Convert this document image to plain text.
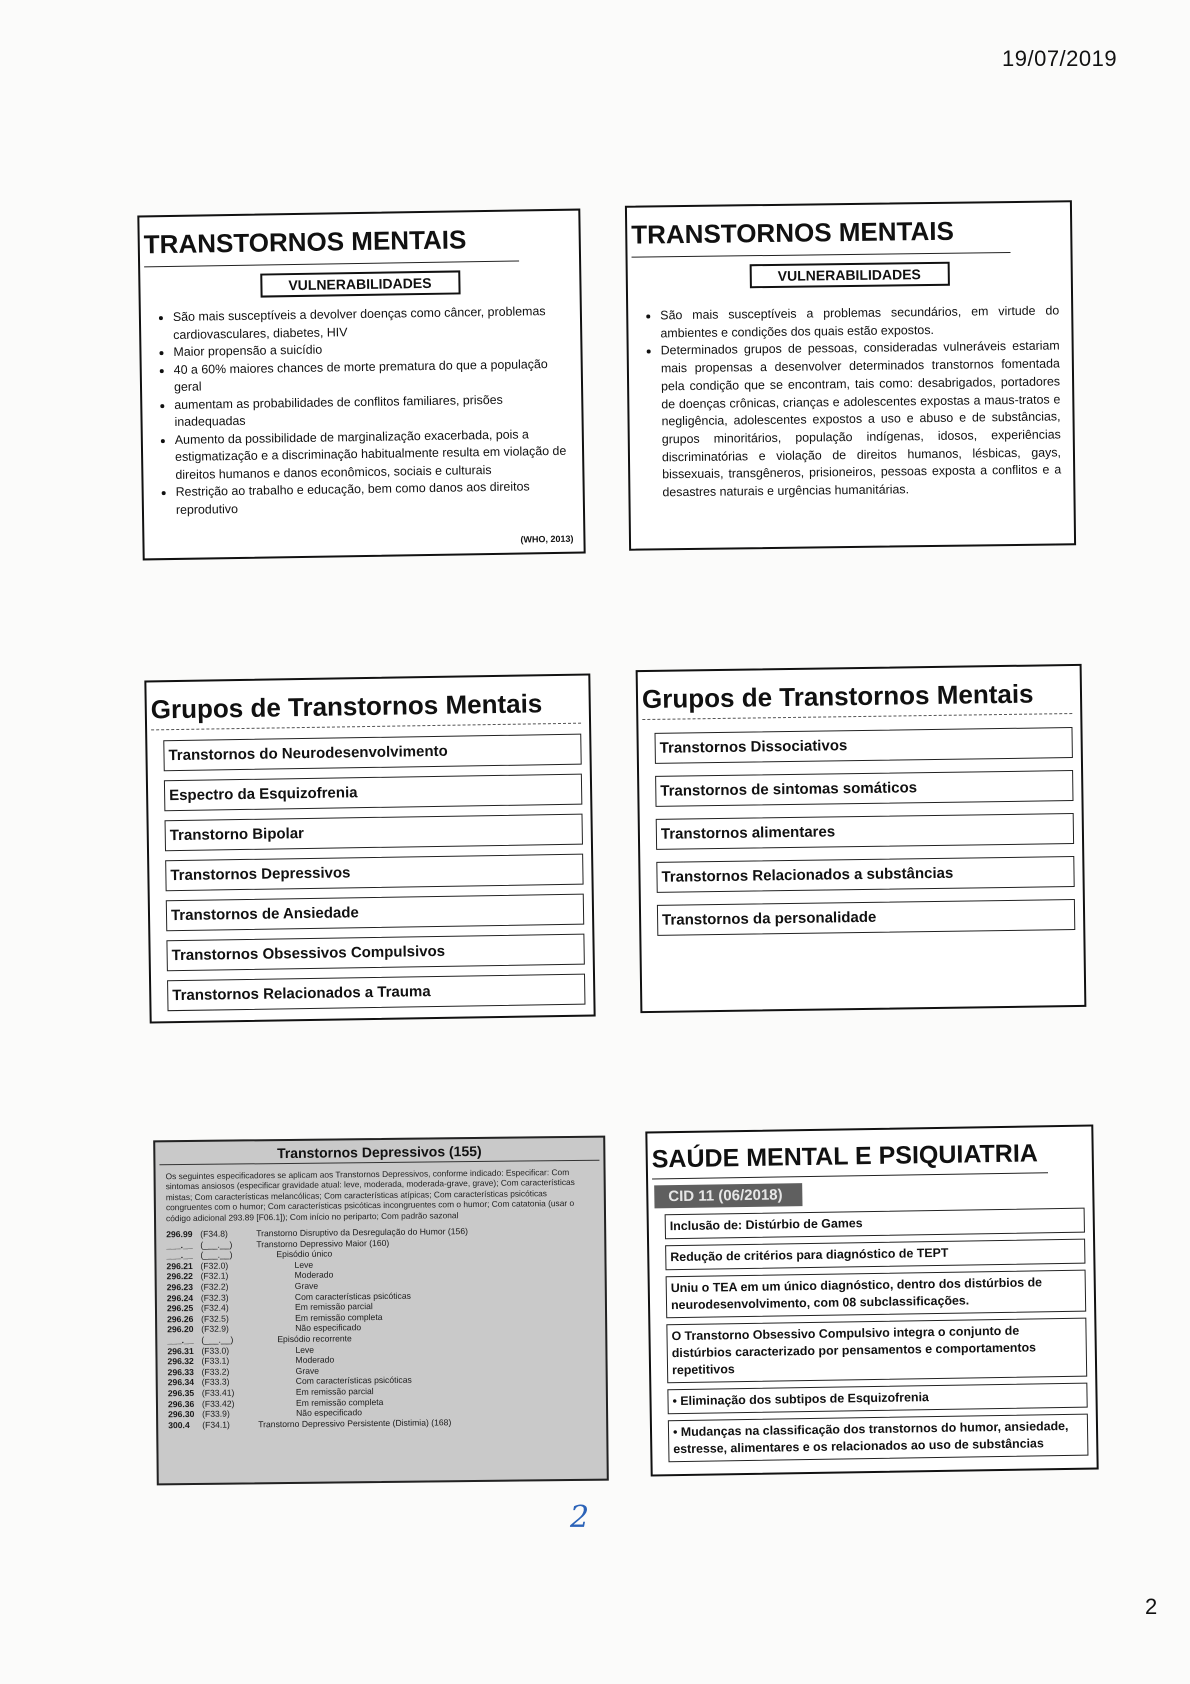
19/07/2019
TRANSTORNOS MENTAIS
VULNERABILIDADES
• São mais susceptíveis a devolver doenças como câncer, problemas cardiovasculares, diabetes, HIV
• Maior propensão a suicídio
• 40 a 60% maiores chances de morte prematura do que a população geral
• aumentam as probabilidades de conflitos familiares, prisões inadequadas
• Aumento da possibilidade de marginalização exacerbada, pois a estigmatização e a discriminação habitualmente resulta em violação de direitos humanos e danos econômicos, sociais e culturais
• Restrição ao trabalho e educação, bem como danos aos direitos reprodutivo
(WHO, 2013)
TRANSTORNOS MENTAIS
VULNERABILIDADES
• São mais susceptíveis a problemas secundários, em virtude do ambientes e condições dos quais estão expostos.
• Determinados grupos de pessoas, consideradas vulneráveis estariam mais propensas a desenvolver determinados transtornos fomentada pela condição que se encontram, tais como: desabrigados, portadores de doenças crônicas, crianças e adolescentes expostas a maus-tratos e negligência, adolescentes expostos a uso e abuso e de substâncias, grupos minoritários, população indígenas, idosos, experiências discriminatórias e violação de direitos humanos, lésbicas, gays, bissexuais, transgêneros, prisioneiros, pessoas exposta a conflitos e a desastres naturais e urgências humanitárias.
Grupos de Transtornos Mentais
Transtornos do Neurodesenvolvimento
Espectro da Esquizofrenia
Transtorno Bipolar
Transtornos Depressivos
Transtornos de Ansiedade
Transtornos Obsessivos Compulsivos
Transtornos Relacionados a Trauma
Grupos de Transtornos Mentais
Transtornos Dissociativos
Transtornos de sintomas somáticos
Transtornos alimentares
Transtornos Relacionados a substâncias
Transtornos da personalidade
Transtornos Depressivos (155)
Os seguintes especificadores se aplicam aos Transtornos Depressivos, conforme indicado: Especificar: Com sintomas ansiosos (especificar gravidade atual: leve, moderada, moderada-grave, grave); Com características mistas; Com características melancólicas; Com características atípicas; Com características psicóticas congruentes com o humor; Com características psicóticas incongruentes com o humor; Com catatonia (usar o código adicional 293.89 [F06.1]); Com início no periparto; Com padrão sazonal
296.99	(F34.8)	Transtorno Disruptivo da Desregulação do Humor (156)
___.__	(___.__)	Transtorno Depressivo Maior (160)
___.__	(___.__)	Episódio único
296.21	(F32.0)	Leve
296.22	(F32.1)	Moderado
296.23	(F32.2)	Grave
296.24	(F32.3)	Com características psicóticas
296.25	(F32.4)	Em remissão parcial
296.26	(F32.5)	Em remissão completa
296.20	(F32.9)	Não especificado
___.__	(___.__)	Episódio recorrente
296.31	(F33.0)	Leve
296.32	(F33.1)	Moderado
296.33	(F33.2)	Grave
296.34	(F33.3)	Com características psicóticas
296.35	(F33.41)	Em remissão parcial
296.36	(F33.42)	Em remissão completa
296.30	(F33.9)	Não especificado
300.4	(F34.1)	Transtorno Depressivo Persistente (Distimia) (168)
SAÚDE MENTAL E PSIQUIATRIA
CID 11 (06/2018)
Inclusão de: Distúrbio de Games
Redução de critérios para diagnóstico de TEPT
Uniu o TEA em um único diagnóstico, dentro dos distúrbios de neurodesenvolvimento, com 08 subclassificações.
O Transtorno Obsessivo Compulsivo integra o conjunto de distúrbios caracterizado por pensamentos e comportamentos repetitivos
• Eliminação dos subtipos de Esquizofrenia
• Mudanças na classificação dos transtornos do humor, ansiedade, estresse, alimentares e os relacionados ao uso de substâncias
2
2
